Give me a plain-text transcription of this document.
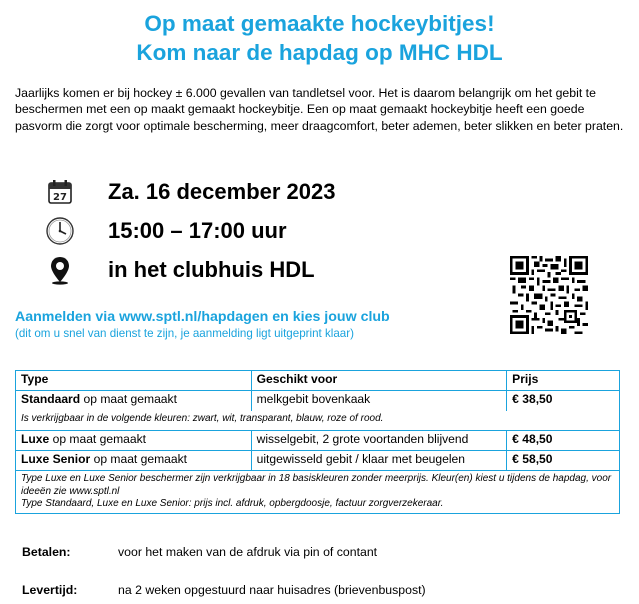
Op maat gemaakte hockeybitjes!
Kom naar de hapdag op MHC HDL

Jaarlijks komen er bij hockey ± 6.000 gevallen van tandletsel voor. Het is daarom belangrijk om het gebit te beschermen met een op maakt gemaakt hockeybitje. Een op maat gemaakt hockeybitje heeft een goede pasvorm die zorgt voor optimale bescherming, meer draagcomfort, beter ademen, beter slikken en beter praten.

27 Za. 16 december 2023
15:00 – 17:00 uur
in het clubhuis HDL
Aanmelden via www.sptl.nl/hapdagen en kies jouw club
(dit om u snel van dienst te zijn, je aanmelding ligt uitgeprint klaar)
Type	Geschikt voor	Prijs
Standaard op maat gemaakt	melkgebit bovenkaak	€ 38,50
Is verkrijgbaar in de volgende kleuren: zwart, wit, transparant, blauw, roze of rood.		
Luxe op maat gemaakt	wisselgebit, 2 grote voortanden blijvend	€ 48,50
Luxe Senior op maat gemaakt	uitgewisseld gebit / klaar met beugelen	€ 58,50

Type Luxe en Luxe Senior beschermer zijn verkrijgbaar in 18 basiskleuren zonder meerprijs. Kleur(en) kiest u tijdens de hapdag, voor ideeën zie www.sptl.nl
Type Standaard, Luxe en Luxe Senior: prijs incl. afdruk, opbergdoosje, factuur zorgverzekeraar.		
Betalen:	voor het maken van de afdruk via pin of contant
Levertijd:	na 2 weken opgestuurd naar huisadres (brievenbuspost)
